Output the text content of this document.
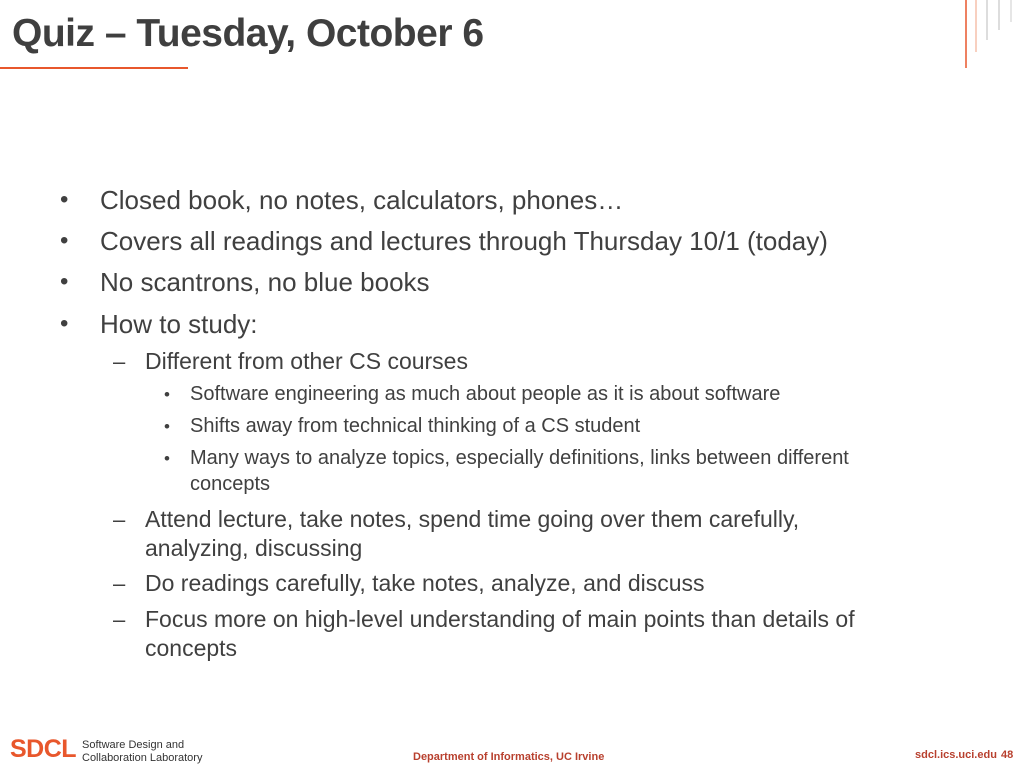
Quiz – Tuesday, October 6
• Closed book, no notes, calculators, phones…
• Covers all readings and lectures through Thursday 10/1 (today)
• No scantrons, no blue books
• How to study:
– Different from other CS courses
• Software engineering as much about people as it is about software
• Shifts away from technical thinking of a CS student
• Many ways to analyze topics, especially definitions, links between different
concepts
– Attend lecture, take notes, spend time going over them carefully,
analyzing, discussing
– Do readings carefully, take notes, analyze, and discuss
– Focus more on high-level understanding of main points than details of
concepts
SDCL Software Design and
Collaboration Laboratory	Department of Informatics, UC Irvine	sdcl.ics.uci.edu 48
